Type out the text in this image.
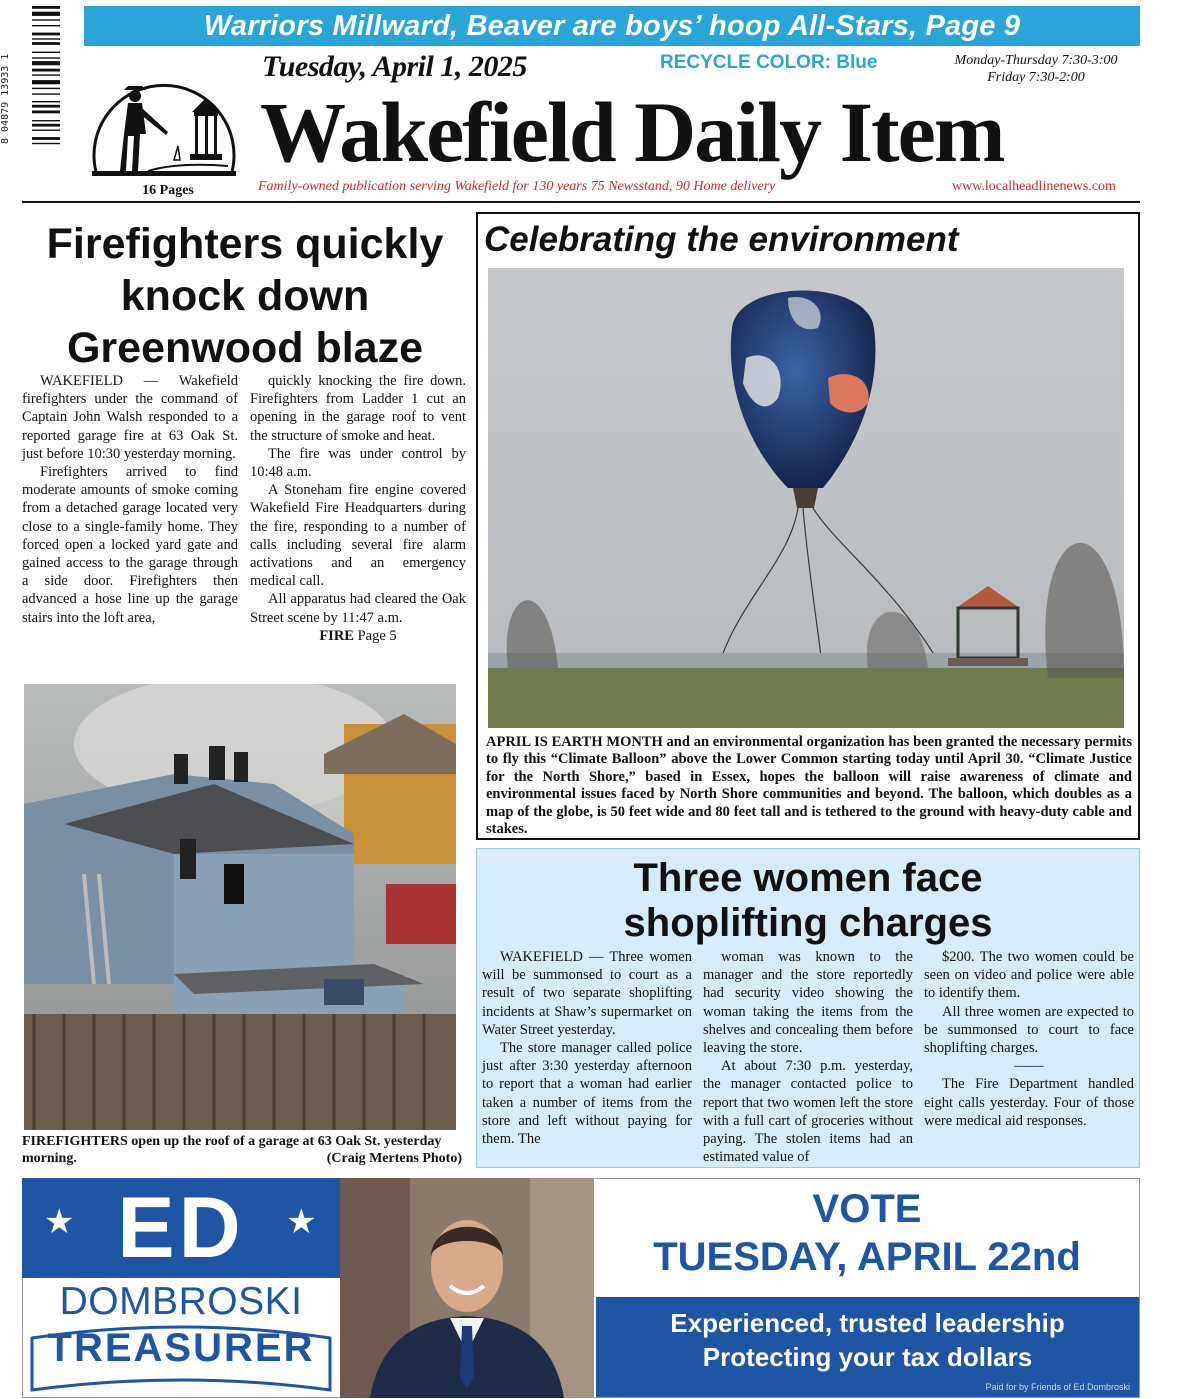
Warriors Millward, Beaver are boys’ hoop All-Stars, Page 9
8 04879 13933 1
16 Pages
Tuesday, April 1, 2025	RECYCLE COLOR: Blue	Monday-Thursday 7:30-3:00
Friday 7:30-2:00
Wakefield Daily Item
Family-owned publication serving Wakefield for 130 years 75 Newsstand, 90 Home delivery	www.localheadlinenews.com
Firefighters quickly knock down Greenwood blaze

WAKEFIELD — Wakefield firefighters under the command of Captain John Walsh responded to a reported garage fire at 63 Oak St. just before 10:30 yesterday morning.

Firefighters arrived to find moderate amounts of smoke coming from a detached garage located very close to a single-family home. They forced open a locked yard gate and gained access to the garage through a side door. Firefighters then advanced a hose line up the garage stairs into the loft area,

quickly knocking the fire down. Firefighters from Ladder 1 cut an opening in the garage roof to vent the structure of smoke and heat.

The fire was under control by 10:48 a.m.

A Stoneham fire engine covered Wakefield Fire Headquarters during the fire, responding to a number of calls including several fire alarm activations and an emergency medical call.

All apparatus had cleared the Oak Street scene by 11:47 a.m.

FIRE Page 5

FIREFIGHTERS open up the roof of a garage at 63 Oak St. yesterday morning.	(Craig Mertens Photo)
Celebrating the environment
APRIL IS EARTH MONTH and an environmental organization has been granted the necessary permits to fly this “Climate Balloon” above the Lower Common starting today until April 30. “Climate Justice for the North Shore,” based in Essex, hopes the balloon will raise awareness of climate and environmental issues faced by North Shore communities and beyond. The balloon, which doubles as a map of the globe, is 50 feet wide and 80 feet tall and is tethered to the ground with heavy-duty cable and stakes.
Three women face
shoplifting charges

WAKEFIELD — Three women will be summonsed to court as a result of two separate shoplifting incidents at Shaw’s supermarket on Water Street yesterday.

The store manager called police just after 3:30 yesterday afternoon to report that a woman had earlier taken a number of items from the store and left without paying for them. The

woman was known to the manager and the store reportedly had security video showing the woman taking the items from the shelves and concealing them before leaving the store.

At about 7:30 p.m. yesterday, the manager contacted police to report that two women left the store with a full cart of groceries without paying. The stolen items had an estimated value of

$200. The two women could be seen on video and police were able to identify them.

All three women are expected to be summonsed to court to face shoplifting charges.

——

The Fire Department handled eight calls yesterday. Four of those were medical aid responses.

ED
★	★
DOMBROSKI
TREASURER
VOTE
TUESDAY, APRIL 22nd
Experienced, trusted leadership
Protecting your tax dollars
Paid for by Friends of Ed Dombroski
